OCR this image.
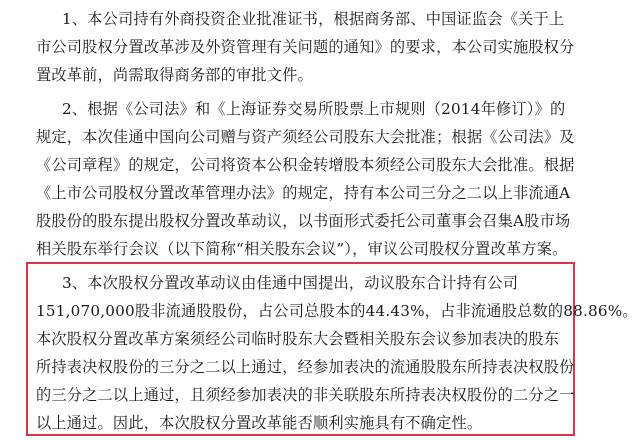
1、本公司持有外商投资企业批准证书，根据商务部、中国证监会《关于上
市公司股权分置改革涉及外资管理有关问题的通知》的要求，本公司实施股权分
置改革前，尚需取得商务部的审批文件。
2、根据《公司法》和《上海证券交易所股票上市规则（2014年修订）》的
规定，本次佳通中国向公司赠与资产须经公司股东大会批准；根据《公司法》及
《公司章程》的规定，公司将资本公积金转增股本须经公司股东大会批准。根据
《上市公司股权分置改革管理办法》的规定，持有本公司三分之二以上非流通A
股股份的股东提出股权分置改革动议，以书面形式委托公司董事会召集A股市场
相关股东举行会议（以下简称“相关股东会议”），审议公司股权分置改革方案。
3、本次股权分置改革动议由佳通中国提出，动议股东合计持有公司
151,070,000股非流通股股份，占公司总股本的44.43%，占非流通股总数的88.86%。
本次股权分置改革方案须经公司临时股东大会暨相关股东会议参加表决的股东
所持表决权股份的三分之二以上通过，经参加表决的流通股股东所持表决权股份
的三分之二以上通过，且须经参加表决的非关联股东所持表决权股份的二分之一
以上通过。因此，本次股权分置改革能否顺利实施具有不确定性。
